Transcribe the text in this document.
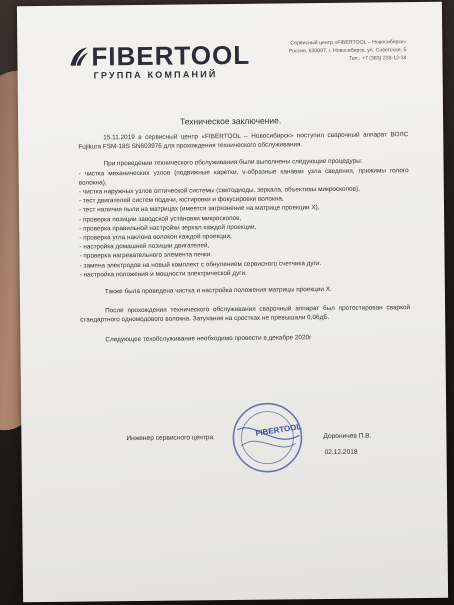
FIBERTOOL
ГРУППА КОМПАНИЙ
Сервисный центр «FIBERTOOL – Новосибирск»
Россия, 630007, г. Новосибирск, ул. Советская, 5
Тел.: +7 (383) 233-12-34
Техническое заключение.

15.11.2019 в сервисный центр «FIBERTOOL – Новосибирск» поступил сварочный аппарат ВОЛС Fujikura FSM-18S SN603976 для прохождения технического обслуживания.

При проведении технического обслуживания были выполнены следующие процедуры:

- чистка механических узлов (подвижные каретки, v-образные канавки узла сведения, прижимы голого волокна),

- чистка наружных узлов оптической системы (светодиоды, зеркала, объективы микроскопов),

- тест двигателей систем подачи, юстировки и фокусировки волокна,

- тест наличия пыли на матрицах (имеется загрязнение на матрице проекции X),

- проверка позиции заводской установки микроскопов,

- проверка правильной настройки зеркал каждой проекции,

- проверка угла наклона волокон каждой проекции,

- настройка домашней позиции двигателей,

- проверка нагревательного элемента печки.

- замена электродов на новый комплект с обнулением сервисного счетчика дуги.

- настройка положения и мощности электрической дуги.

Также была проведена чистка и настройка положения матрицы проекции X.

После прохождения технического обслуживания сварочный аппарат был протестирован сваркой стандартного одномодового волокна. Затухания на сростках не превышали 0,06дБ.

Следующее техобслуживание необходимо провести в декабре 2020г

FIBERTOOL
Инженер сервисного центра	Дороничев П.В.
02.12.2018
